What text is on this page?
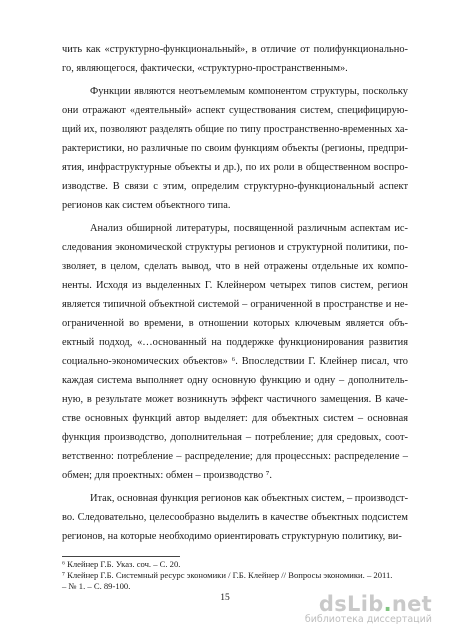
чить как «структурно-функциональный», в отличие от полифункционально-
го, являющегося, фактически, «структурно-пространственным».

Функции являются неотъемлемым компонентом структуры, поскольку
они отражают «деятельный» аспект существования систем, специфицирую-
щий их, позволяют разделять общие по типу пространственно-временных ха-
рактеристики, но различные по своим функциям объекты (регионы, предпри-
ятия, инфраструктурные объекты и др.), по их роли в общественном воспро-
изводстве. В связи с этим, определим структурно-функциональный аспект
регионов как систем объектного типа.

Анализ обширной литературы, посвященной различным аспектам ис-
следования экономической структуры регионов и структурной политики, по-
зволяет, в целом, сделать вывод, что в ней отражены отдельные их компо-
ненты. Исходя из выделенных Г. Клейнером четырех типов систем, регион
является типичной объектной системой – ограниченной в пространстве и не-
ограниченной во времени, в отношении которых ключевым является объ-
ектный подход, «…основанный на поддержке функционирования развития
социально-экономических объектов» ⁶. Впоследствии Г. Клейнер писал, что
каждая система выполняет одну основную функцию и одну – дополнитель-
ную, в результате может возникнуть эффект частичного замещения. В каче-
стве основных функций автор выделяет: для объектных систем – основная
функция производство, дополнительная – потребление; для средовых, соот-
ветственно: потребление – распределение; для процессных: распределение –
обмен; для проектных: обмен – производство ⁷.

Итак, основная функция регионов как объектных систем, – производст-
во. Следовательно, целесообразно выделить в качестве объектных подсистем
регионов, на которые необходимо ориентировать структурную политику, ви-

⁶ Клейнер Г.Б. Указ. соч. – С. 20.
⁷ Клейнер Г.Б. Системный ресурс экономики / Г.Б. Клейнер // Вопросы экономики. – 2011.
– № 1. – С. 89-100.
15	dsLib.net
библиотека диссертаций
